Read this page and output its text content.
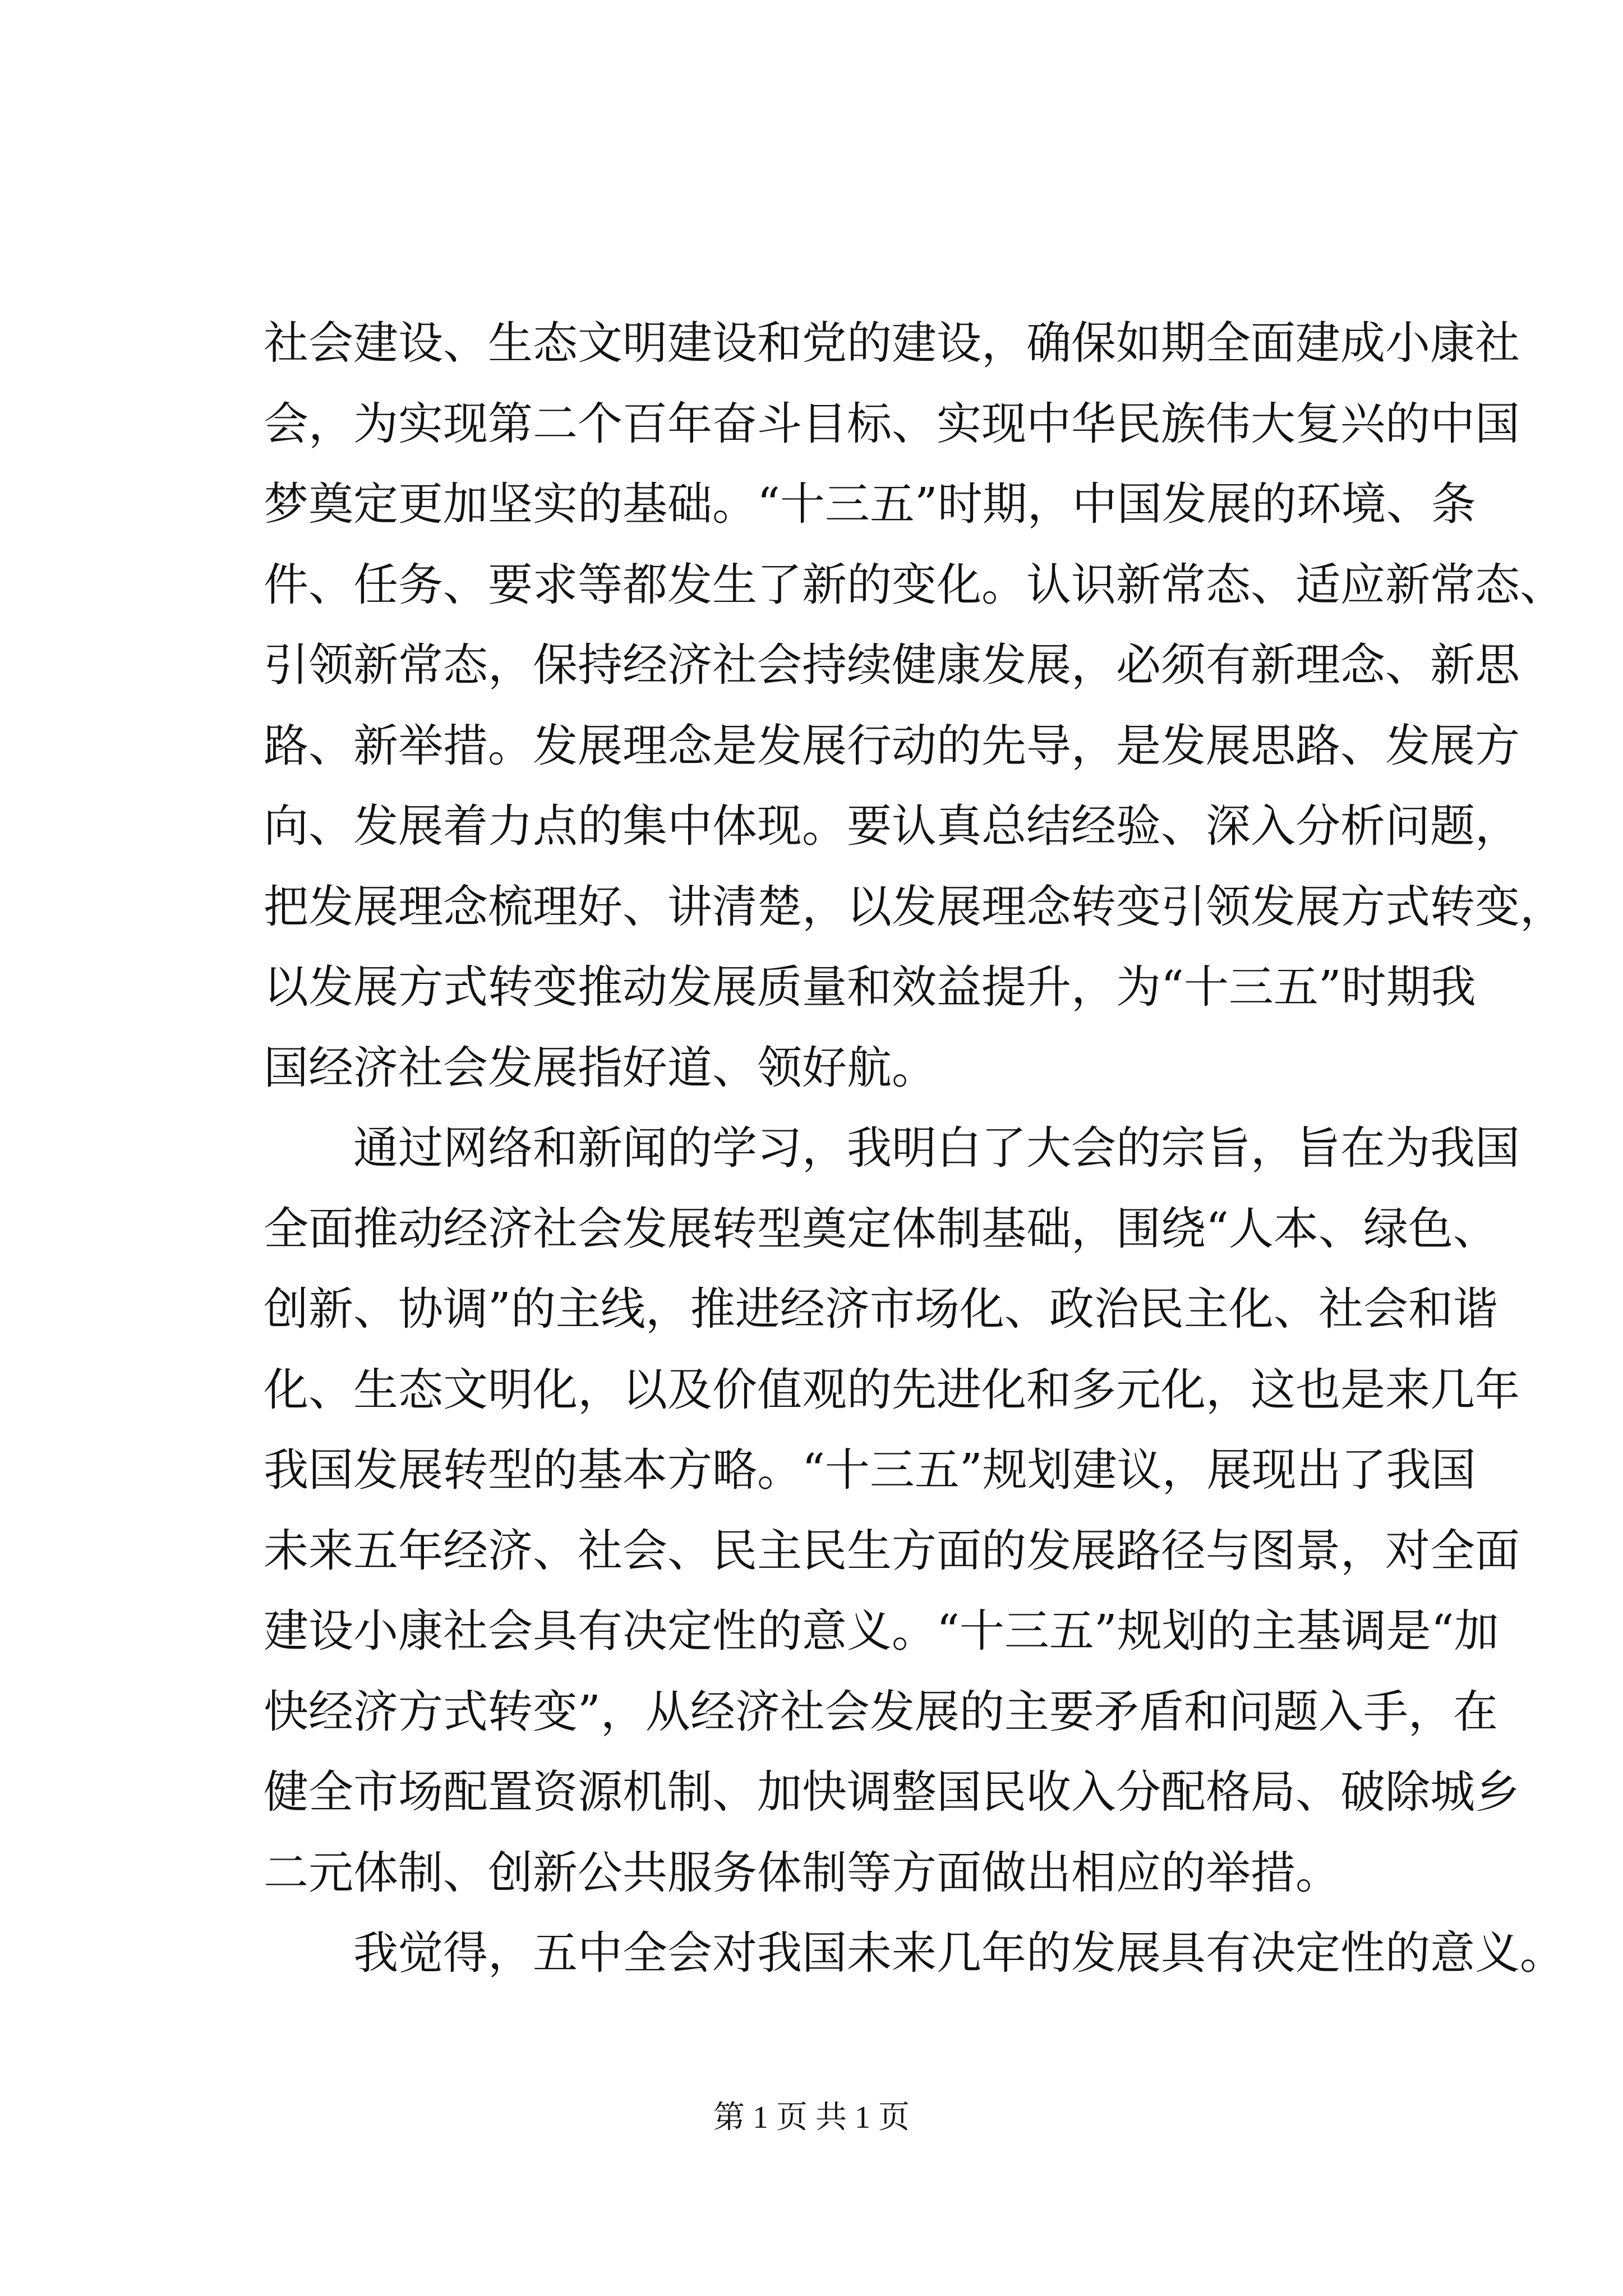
社会建设、生态文明建设和党的建设，确保如期全面建成小康社
会，为实现第二个百年奋斗目标、实现中华民族伟大复兴的中国
梦奠定更加坚实的基础。“十三五”时期，中国发展的环境、条
件、任务、要求等都发生了新的变化。认识新常态、适应新常态、
引领新常态，保持经济社会持续健康发展，必须有新理念、新思
路、新举措。发展理念是发展行动的先导，是发展思路、发展方
向、发展着力点的集中体现。要认真总结经验、深入分析问题，
把发展理念梳理好、讲清楚，以发展理念转变引领发展方式转变，
以发展方式转变推动发展质量和效益提升，为“十三五”时期我
国经济社会发展指好道、领好航。
　　通过网络和新闻的学习，我明白了大会的宗旨，旨在为我国
全面推动经济社会发展转型奠定体制基础，围绕“人本、绿色、
创新、协调”的主线，推进经济市场化、政治民主化、社会和谐
化、生态文明化，以及价值观的先进化和多元化，这也是来几年
我国发展转型的基本方略。“十三五”规划建议，展现出了我国
未来五年经济、社会、民主民生方面的发展路径与图景，对全面
建设小康社会具有决定性的意义。“十三五”规划的主基调是“加
快经济方式转变”，从经济社会发展的主要矛盾和问题入手，在
健全市场配置资源机制、加快调整国民收入分配格局、破除城乡
二元体制、创新公共服务体制等方面做出相应的举措。
　　我觉得，五中全会对我国未来几年的发展具有决定性的意义。
第 1 页 共 1 页
